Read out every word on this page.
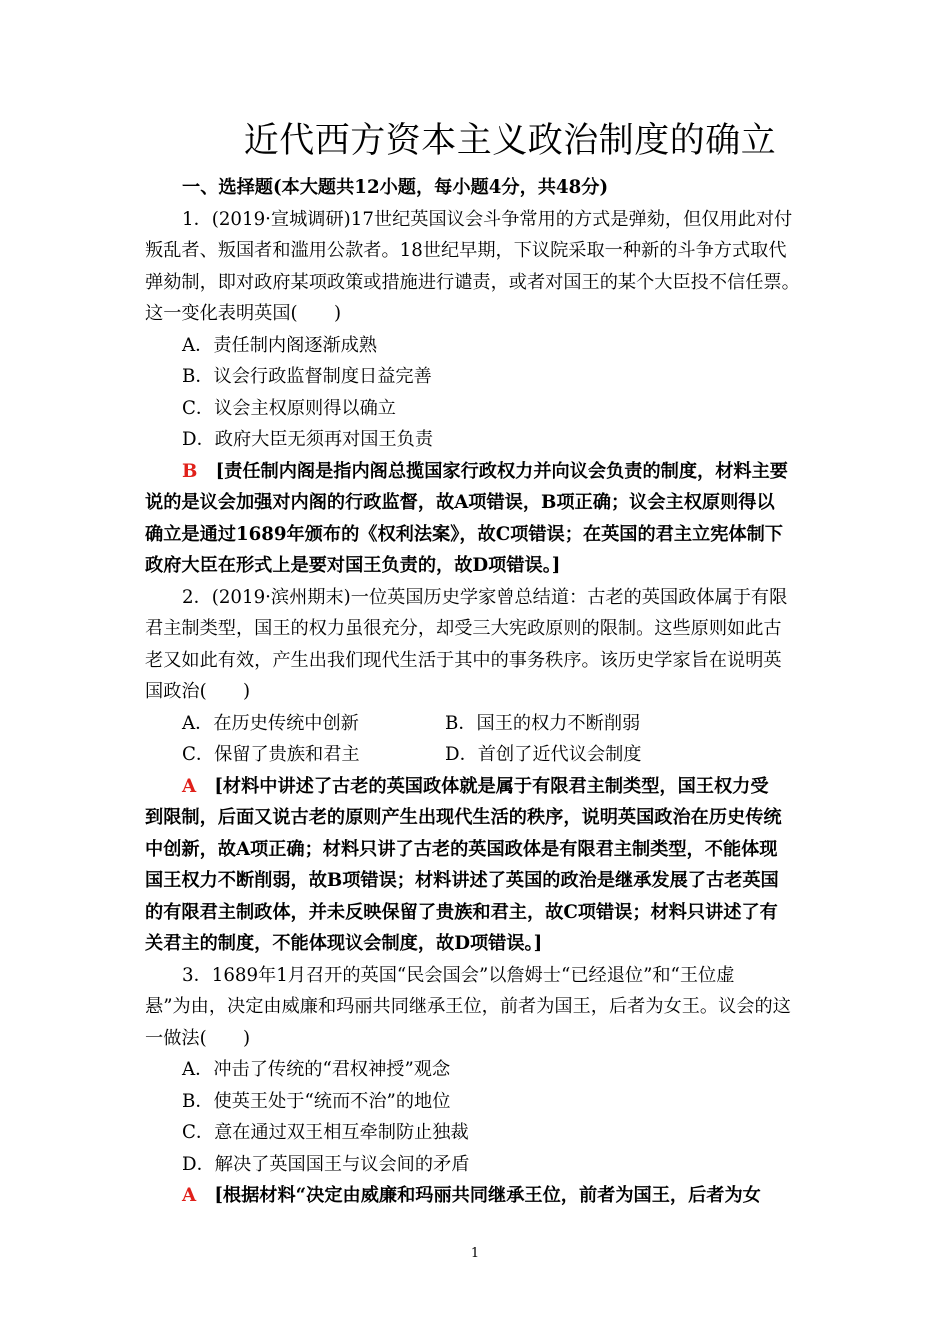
近代西方资本主义政治制度的确立
一、选择题(本大题共12小题，每小题4分，共48分)
1．(2019·宣城调研)17世纪英国议会斗争常用的方式是弹劾，但仅用此对付
叛乱者、叛国者和滥用公款者。18世纪早期，下议院采取一种新的斗争方式取代
弹劾制，即对政府某项政策或措施进行谴责，或者对国王的某个大臣投不信任票。
这一变化表明英国(　　)
A．责任制内阁逐渐成熟
B．议会行政监督制度日益完善
C．议会主权原则得以确立
D．政府大臣无须再对国王负责
B　 [责任制内阁是指内阁总揽国家行政权力并向议会负责的制度，材料主要
说的是议会加强对内阁的行政监督，故A项错误，B项正确；议会主权原则得以
确立是通过1689年颁布的《权利法案》，故C项错误；在英国的君主立宪体制下
政府大臣在形式上是要对国王负责的，故D项错误。]
2．(2019·滨州期末)一位英国历史学家曾总结道：古老的英国政体属于有限
君主制类型，国王的权力虽很充分，却受三大宪政原则的限制。这些原则如此古
老又如此有效，产生出我们现代生活于其中的事务秩序。该历史学家旨在说明英
国政治(　　)
A．在历史传统中创新	B．国王的权力不断削弱
C．保留了贵族和君主	D．首创了近代议会制度
A　 [材料中讲述了古老的英国政体就是属于有限君主制类型，国王权力受
到限制，后面又说古老的原则产生出现代生活的秩序，说明英国政治在历史传统
中创新，故A项正确；材料只讲了古老的英国政体是有限君主制类型，不能体现
国王权力不断削弱，故B项错误；材料讲述了英国的政治是继承发展了古老英国
的有限君主制政体，并未反映保留了贵族和君主，故C项错误；材料只讲述了有
关君主的制度，不能体现议会制度，故D项错误。]
3．1689年1月召开的英国“民会国会”以詹姆士“已经退位”和“王位虚
悬”为由，决定由威廉和玛丽共同继承王位，前者为国王，后者为女王。议会的这
一做法(　　)
A．冲击了传统的“君权神授”观念
B．使英王处于“统而不治”的地位
C．意在通过双王相互牵制防止独裁
D．解决了英国国王与议会间的矛盾
A　 [根据材料“决定由威廉和玛丽共同继承王位，前者为国王，后者为女
1
